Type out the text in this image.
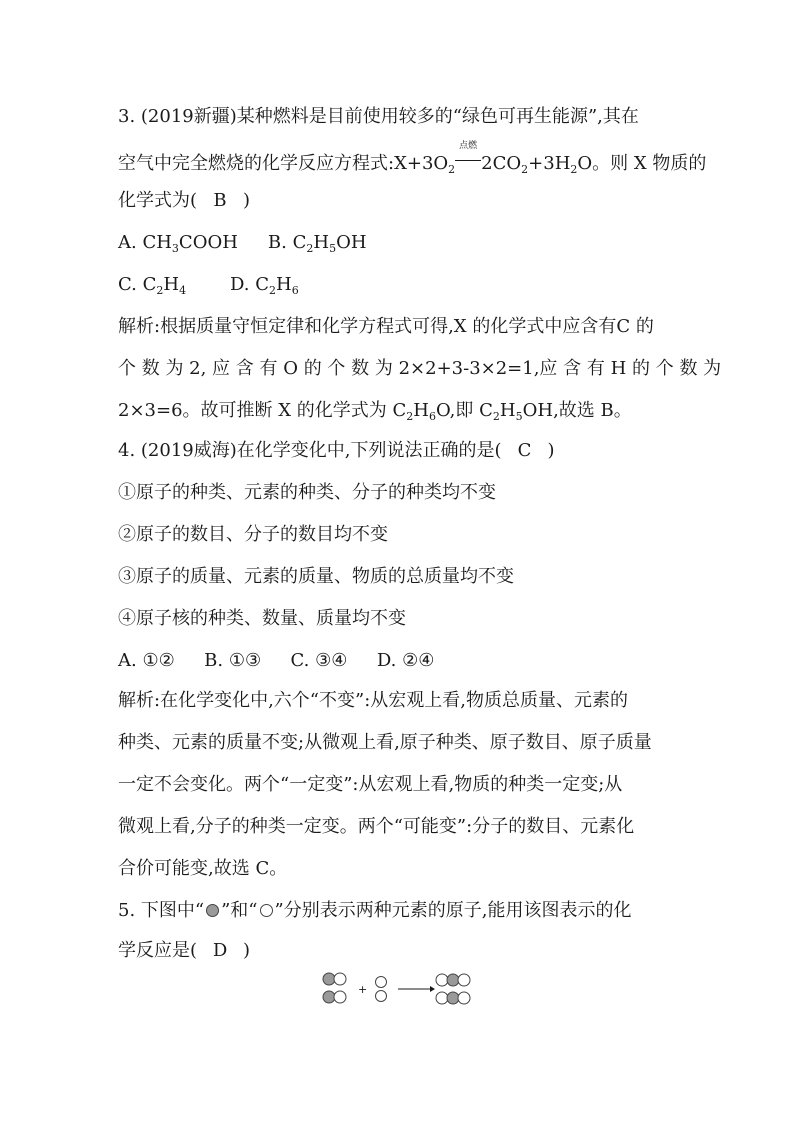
3. (2019新疆)某种燃料是目前使用较多的“绿色可再生能源”,其在
空气中完全燃烧的化学反应方程式$:X+3O_2$
点燃
$2CO_2+3H_2O$。则 X 物质的
化学式为( B )
A. $CH_3COOH$ B. $C_2H_5OH$
C. $C_2H_4$ D. $C_2H_6$
解析:根据质量守恒定律和化学方程式可得,X 的化学式中应含有C 的
个 数 为 2, 应 含 有 O 的 个 数 为 2×2+3-3×2=1,应 含 有 H 的 个 数 为
2×3=6。故可推断 X 的化学式为 $C_2H_6O$,即 $C_2H_5OH$,故选 B。
4. (2019威海)在化学变化中,下列说法正确的是( C )
①原子的种类、元素的种类、分子的种类均不变
②原子的数目、分子的数目均不变
③原子的质量、元素的质量、物质的总质量均不变
④原子核的种类、数量、质量均不变
A. ①②　  B. ①③　  C. ③④　  D. ②④
解析:在化学变化中,六个“不变”:从宏观上看,物质总质量、元素的
种类、元素的质量不变;从微观上看,原子种类、原子数目、原子质量
一定不会变化。两个“一定变”:从宏观上看,物质的种类一定变;从
微观上看,分子的种类一定变。两个“可能变”:分子的数目、元素化
合价可能变,故选 C。
5. 下图中“ ”和“ ”分别表示两种元素的原子,能用该图表示的化
学反应是( D )
+
